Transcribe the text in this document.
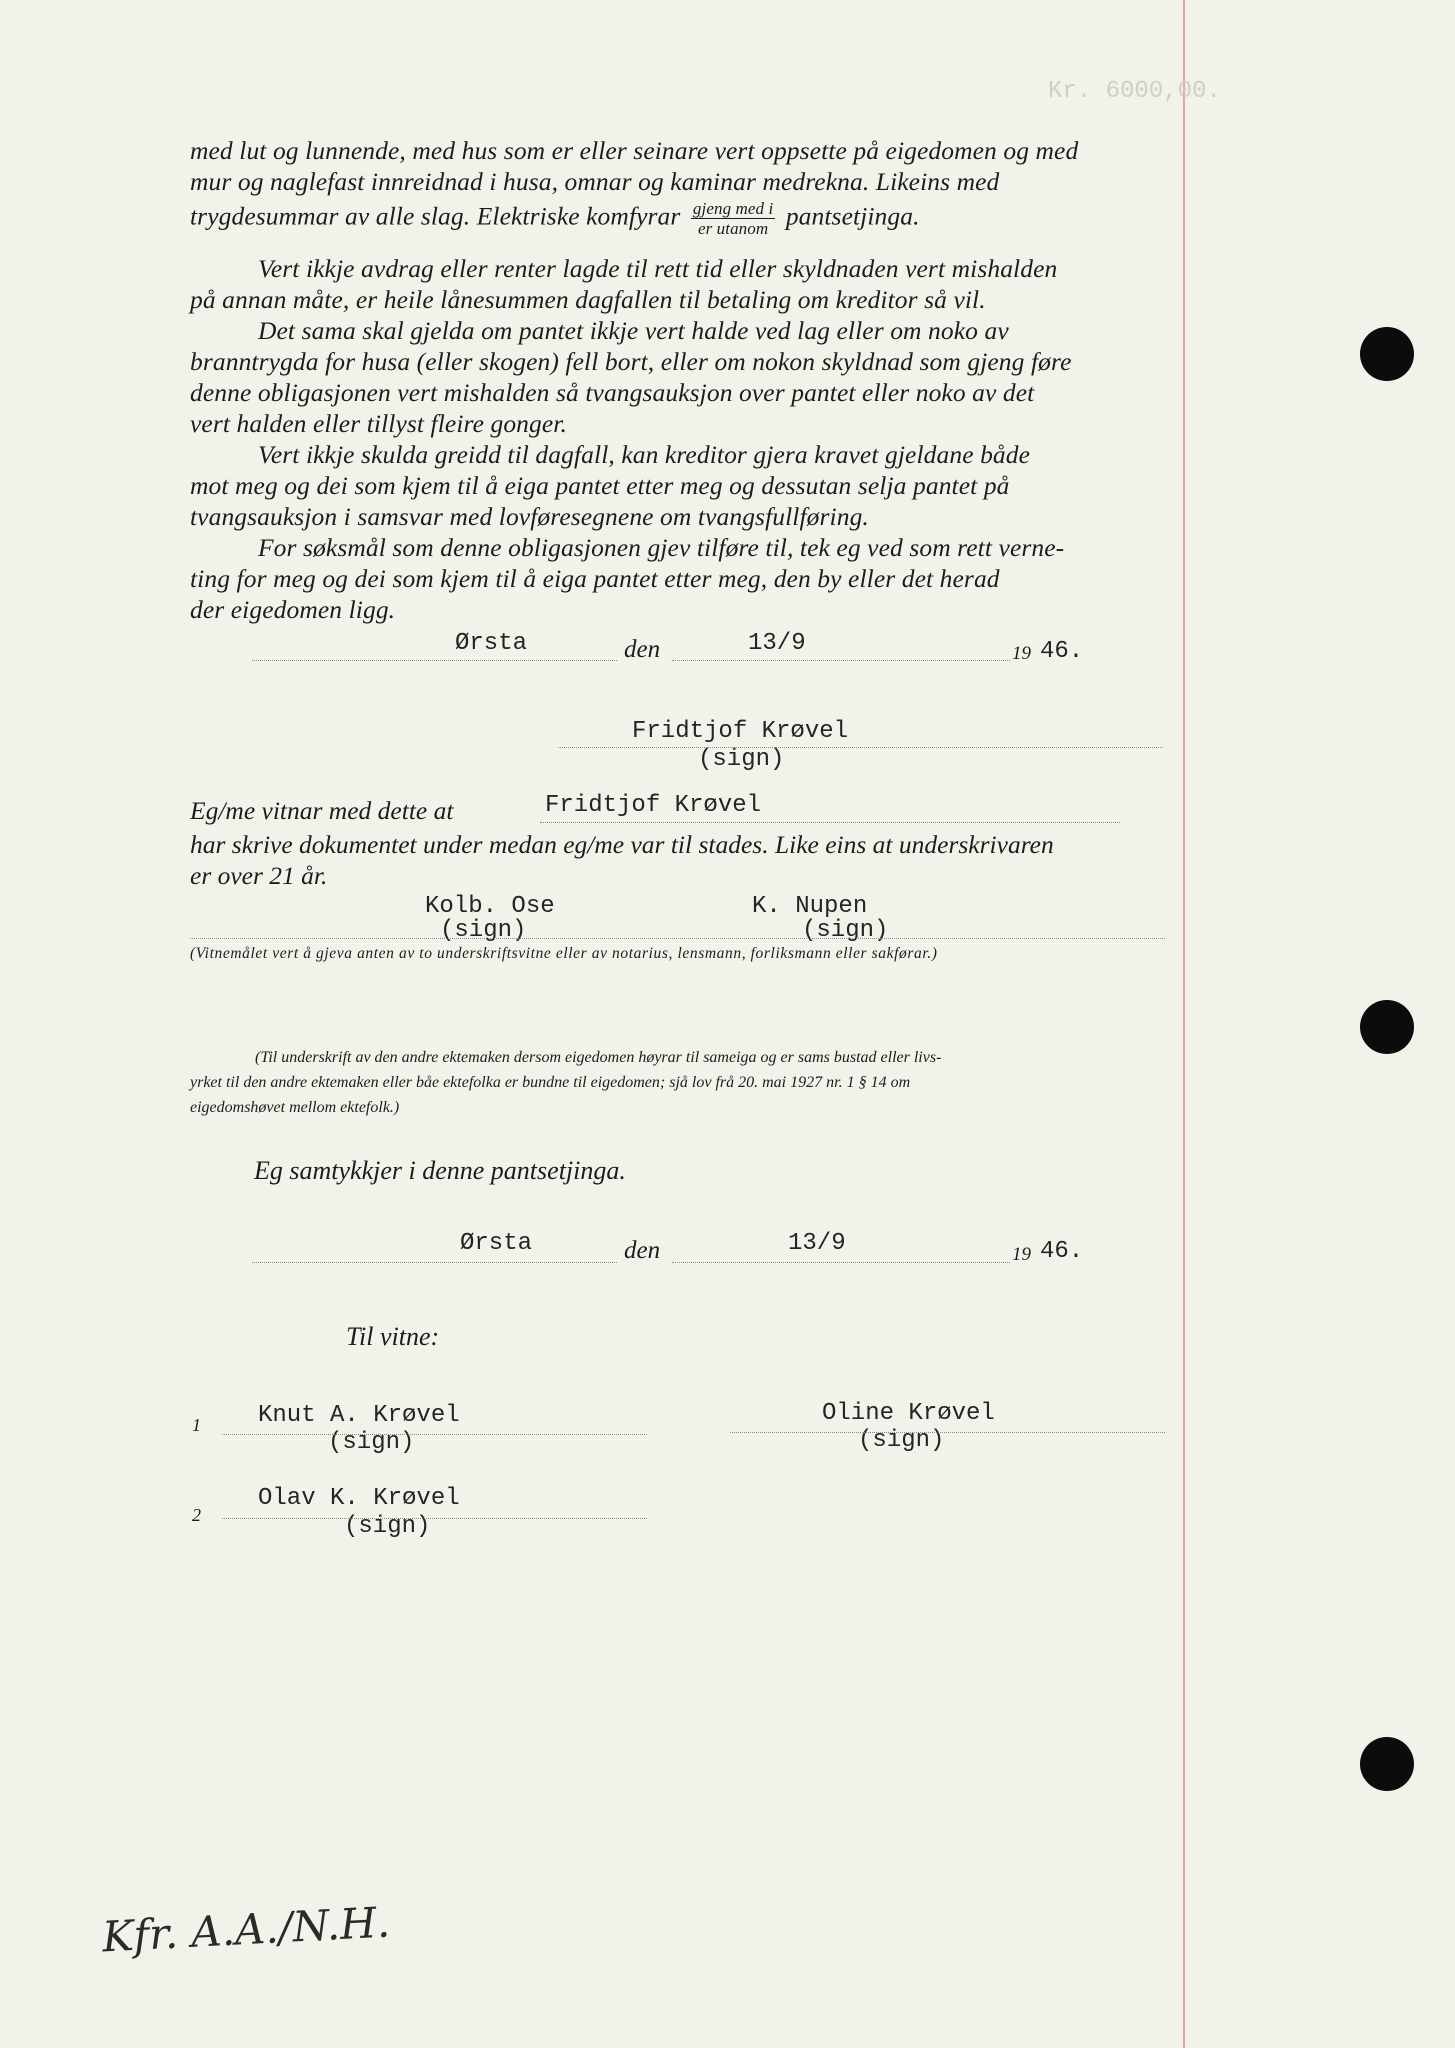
Kr. 6000,00.
med lut og lunnende, med hus som er eller seinare vert oppsette på eigedomen og med
mur og naglefast innreidnad i husa, omnar og kaminar medrekna. Likeins med
trygdesummar av alle slag. Elektriske komfyrar $\frac{\text{gjeng med i}}{\text{er utanom}}$ pantsetjinga.
Vert ikkje avdrag eller renter lagde til rett tid eller skyldnaden vert mishalden
på annan måte, er heile lånesummen dagfallen til betaling om kreditor så vil.
Det sama skal gjelda om pantet ikkje vert halde ved lag eller om noko av
branntrygda for husa (eller skogen) fell bort, eller om nokon skyldnad som gjeng føre
denne obligasjonen vert mishalden så tvangsauksjon over pantet eller noko av det
vert halden eller tillyst fleire gonger.
Vert ikkje skulda greidd til dagfall, kan kreditor gjera kravet gjeldane både
mot meg og dei som kjem til å eiga pantet etter meg og dessutan selja pantet på
tvangsauksjon i samsvar med lovføresegnene om tvangsfullføring.
For søksmål som denne obligasjonen gjev tilføre til, tek eg ved som rett verne-
ting for meg og dei som kjem til å eiga pantet etter meg, den by eller det herad
der eigedomen ligg.
Ørsta	den	13/9	19 46.
Fridtjof Krøvel
(sign)
Eg/me vitnar med dette at	Fridtjof Krøvel
har skrive dokumentet under medan eg/me var til stades. Like eins at underskrivaren
er over 21 år.
Kolb. Ose
(sign)
K. Nupen
(sign)
(Vitnemålet vert å gjeva anten av to underskriftsvitne eller av notarius, lensmann, forliksmann eller sakførar.)
(Til underskrift av den andre ektemaken dersom eigedomen høyrar til sameiga og er sams bustad eller livs-
yrket til den andre ektemaken eller båe ektefolka er bundne til eigedomen; sjå lov frå 20. mai 1927 nr. 1 § 14 om
eigedomshøvet mellom ektefolk.)
Eg samtykkjer i denne pantsetjinga.
Ørsta	den	13/9	19 46.
Til vitne:
1 Knut A. Krøvel
(sign)
Oline Krøvel
(sign)
2
Olav K. Krøvel
(sign)
Kfr. A.A./N.H.
